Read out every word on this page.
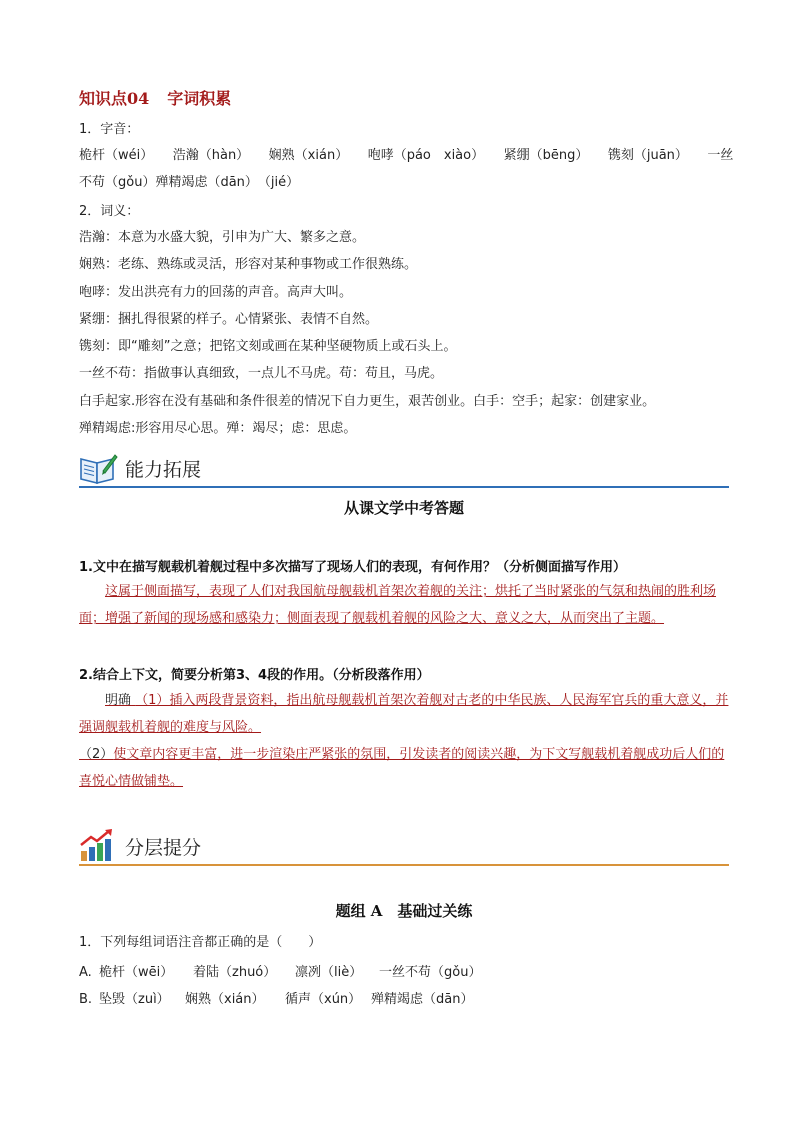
知识点04 字词积累
1．字音：
桅杆（wéi）　　浩瀚（hàn）　　娴熟（xián）　　咆哮（páo　xiào）　　紧绷（bēng）　　镌刻（juān）　　一丝
不苟（gǒu）殚精竭虑（dān）　（jié）
2．词义：
浩瀚：本意为水盛大貌，引申为广大、繁多之意。
娴熟：老练、熟练或灵活，形容对某种事物或工作很熟练。
咆哮：发出洪亮有力的回荡的声音。高声大叫。
紧绷：捆扎得很紧的样子。心情紧张、表情不自然。
镌刻：即“雕刻”之意；把铭文刻或画在某种坚硬物质上或石头上。
一丝不苟：指做事认真细致，一点儿不马虎。苟：苟且，马虎。
白手起家.形容在没有基础和条件很差的情况下自力更生，艰苦创业。白手：空手；起家：创建家业。
殚精竭虑:形容用尽心思。殚：竭尽；虑：思虑。
能力拓展
从课文学中考答题
1.文中在描写舰载机着舰过程中多次描写了现场人们的表现，有何作用？（分析侧面描写作用）
这属于侧面描写，表现了人们对我国航母舰载机首架次着舰的关注；烘托了当时紧张的气氛和热闹的胜利场面；增强了新闻的现场感和感染力；侧面表现了舰载机着舰的风险之大、意义之大，从而突出了主题。
2.结合上下文，简要分析第3、4段的作用。（分析段落作用）
明确 （1）插入两段背景资料，指出航母舰载机首架次着舰对古老的中华民族、人民海军官兵的重大意义，并强调舰载机着舰的难度与风险。
（2）使文章内容更丰富，进一步渲染庄严紧张的氛围，引发读者的阅读兴趣，为下文写舰载机着舰成功后人们的喜悦心情做铺垫。
分层提分
题组 A　基础过关练
1．下列每组词语注音都正确的是（　　）
A. 桅杆（wēi） 着陆（zhuó） 凛冽（liè） 一丝不苟（gǒu）
B. 坠毁（zuì） 娴熟（xián） 循声（xún） 殚精竭虑（dān）
